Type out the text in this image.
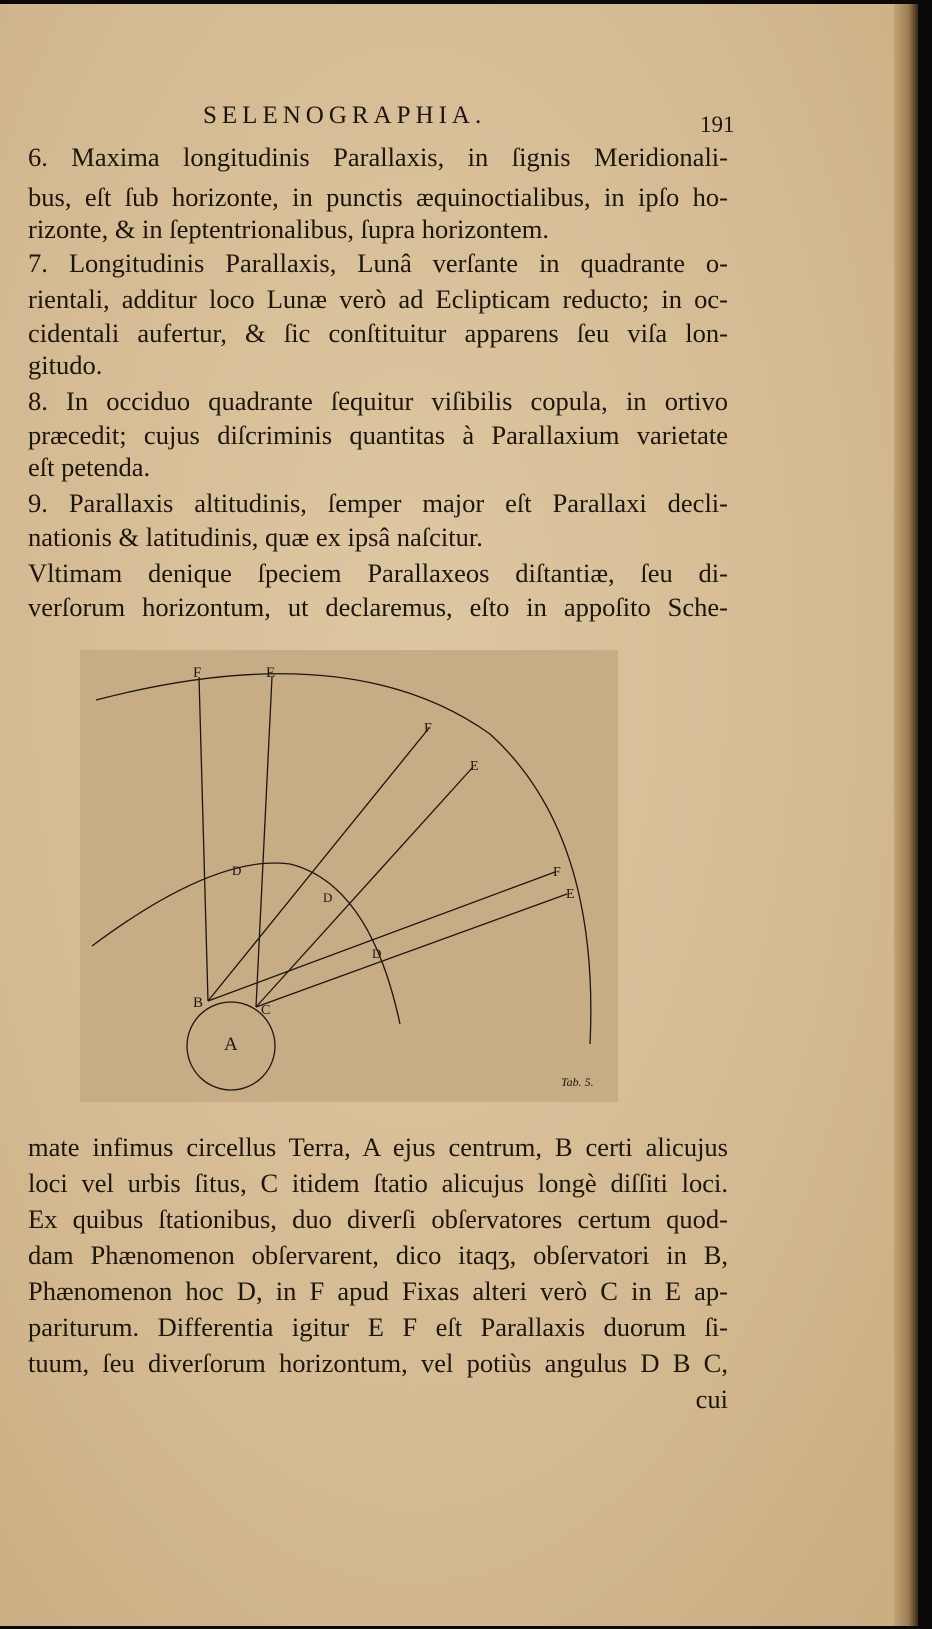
SELENOGRAPHIA.	191
6. Maxima longitudinis Parallaxis, in ſignis Meridionali-
bus, eſt ſub horizonte, in punctis æquinoctialibus, in ipſo ho-
rizonte, & in ſeptentrionalibus, ſupra horizontem.
7. Longitudinis Parallaxis, Lunâ verſante in quadrante o-
rientali, additur loco Lunæ verò ad Eclipticam reducto; in oc-
cidentali aufertur, & ſic conſtituitur apparens ſeu viſa lon-
gitudo.
8. In occiduo quadrante ſequitur viſibilis copula, in ortivo
præcedit; cujus diſcriminis quantitas à Parallaxium varietate
eſt petenda.
9. Parallaxis altitudinis, ſemper major eſt Parallaxi decli-
nationis & latitudinis, quæ ex ipsâ naſcitur.
Vltimam denique ſpeciem Parallaxeos diſtantiæ, ſeu di-
verſorum horizontum, ut declaremus, eſto in appoſito Sche-
F	E
F
E
F
E
D
D
D
B	C
A
Tab. 5.
mate infimus circellus Terra, A ejus centrum, B certi alicujus
loci vel urbis ſitus, C itidem ſtatio alicujus longè diſſiti loci.
Ex quibus ſtationibus, duo diverſi obſervatores certum quod-
dam Phænomenon obſervarent, dico itaqʒ, obſervatori in B,
Phænomenon hoc D, in F apud Fixas alteri verò C in E ap-
pariturum. Differentia igitur E F eſt Parallaxis duorum ſi-
tuum, ſeu diverſorum horizontum, vel potiùs angulus D B C,
cui
